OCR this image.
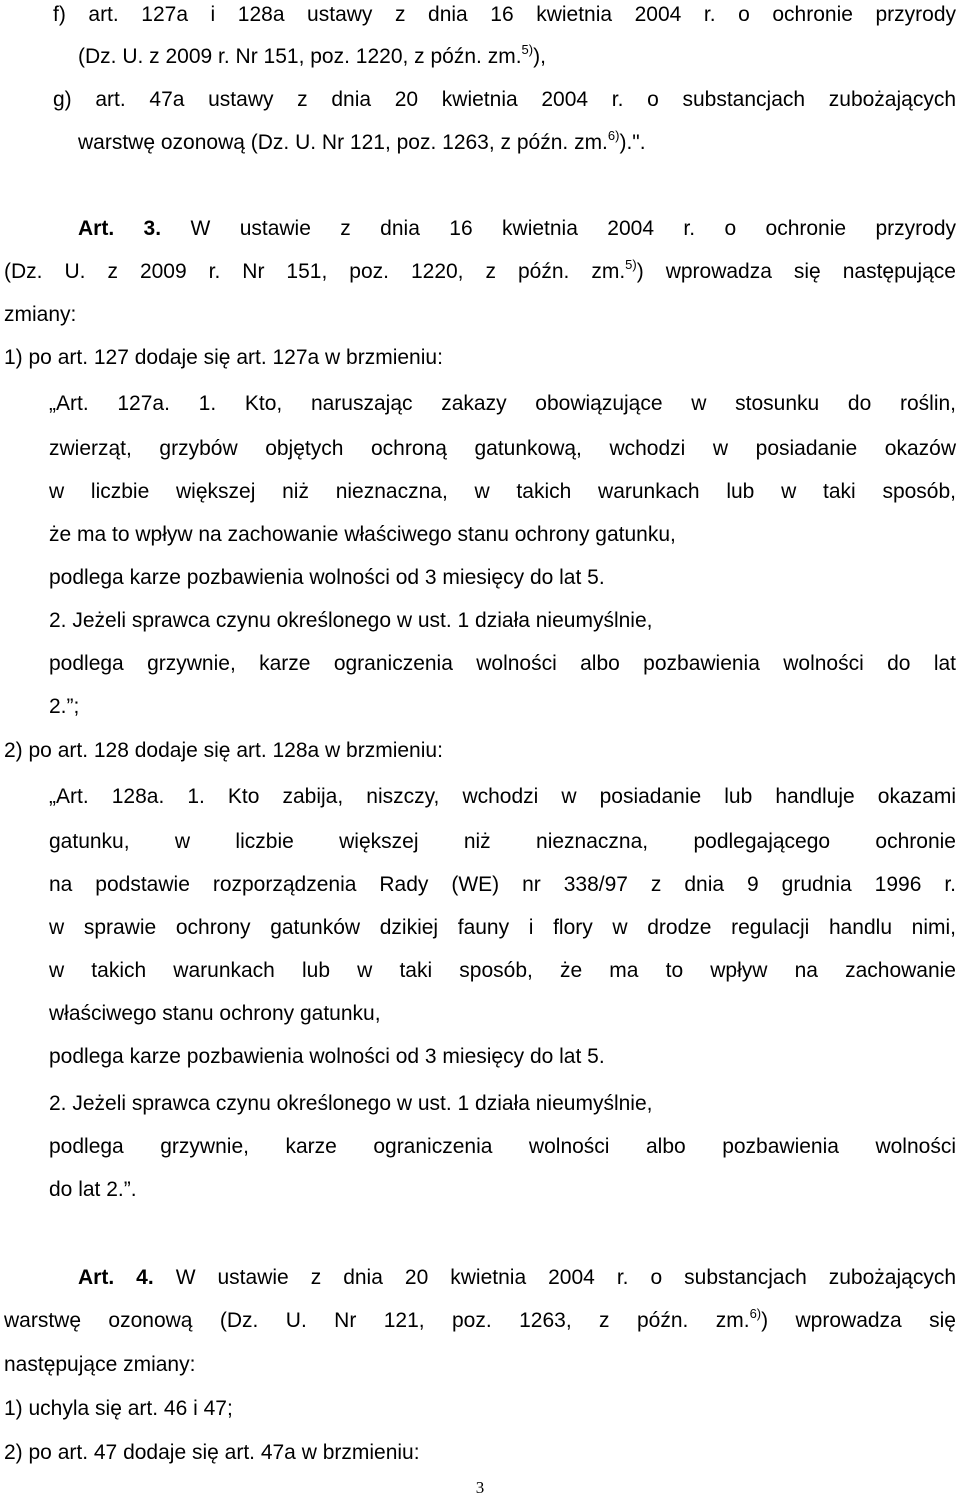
f) art. 127a i 128a ustawy z dnia 16 kwietnia 2004 r. o ochronie przyrody
(Dz. U. z 2009 r. Nr 151, poz. 1220, z późn. zm.$^{5)}$),
g) art. 47a ustawy z dnia 20 kwietnia 2004 r. o substancjach zubożających
warstwę ozonową (Dz. U. Nr 121, poz. 1263, z późn. zm.$^{6)}$).".
Art. 3. W ustawie z dnia 16 kwietnia 2004 r. o ochronie przyrody
(Dz. U. z 2009 r. Nr 151, poz. 1220, z późn. zm.$^{5)}$) wprowadza się następujące
zmiany:
1) po art. 127 dodaje się art. 127a w brzmieniu:
„Art. 127a. 1. Kto, naruszając zakazy obowiązujące w stosunku do roślin,
zwierząt, grzybów objętych ochroną gatunkową, wchodzi w posiadanie okazów
w liczbie większej niż nieznaczna, w takich warunkach lub w taki sposób,
że ma to wpływ na zachowanie właściwego stanu ochrony gatunku,
podlega karze pozbawienia wolności od 3 miesięcy do lat 5.
2. Jeżeli sprawca czynu określonego w ust. 1 działa nieumyślnie,
podlega grzywnie, karze ograniczenia wolności albo pozbawienia wolności do lat
2.”;
2) po art. 128 dodaje się art. 128a w brzmieniu:
„Art. 128a. 1. Kto zabija, niszczy, wchodzi w posiadanie lub handluje okazami
gatunku, w liczbie większej niż nieznaczna, podlegającego ochronie
na podstawie rozporządzenia Rady (WE) nr 338/97 z dnia 9 grudnia 1996 r.
w sprawie ochrony gatunków dzikiej fauny i flory w drodze regulacji handlu nimi,
w takich warunkach lub w taki sposób, że ma to wpływ na zachowanie
właściwego stanu ochrony gatunku,
podlega karze pozbawienia wolności od 3 miesięcy do lat 5.
2. Jeżeli sprawca czynu określonego w ust. 1 działa nieumyślnie,
podlega grzywnie, karze ograniczenia wolności albo pozbawienia wolności
do lat 2.”.
Art. 4. W ustawie z dnia 20 kwietnia 2004 r. o substancjach zubożających
warstwę ozonową (Dz. U. Nr 121, poz. 1263, z późn. zm.$^{6)}$) wprowadza się
następujące zmiany:
1) uchyla się art. 46 i 47;
2) po art. 47 dodaje się art. 47a w brzmieniu:
3
